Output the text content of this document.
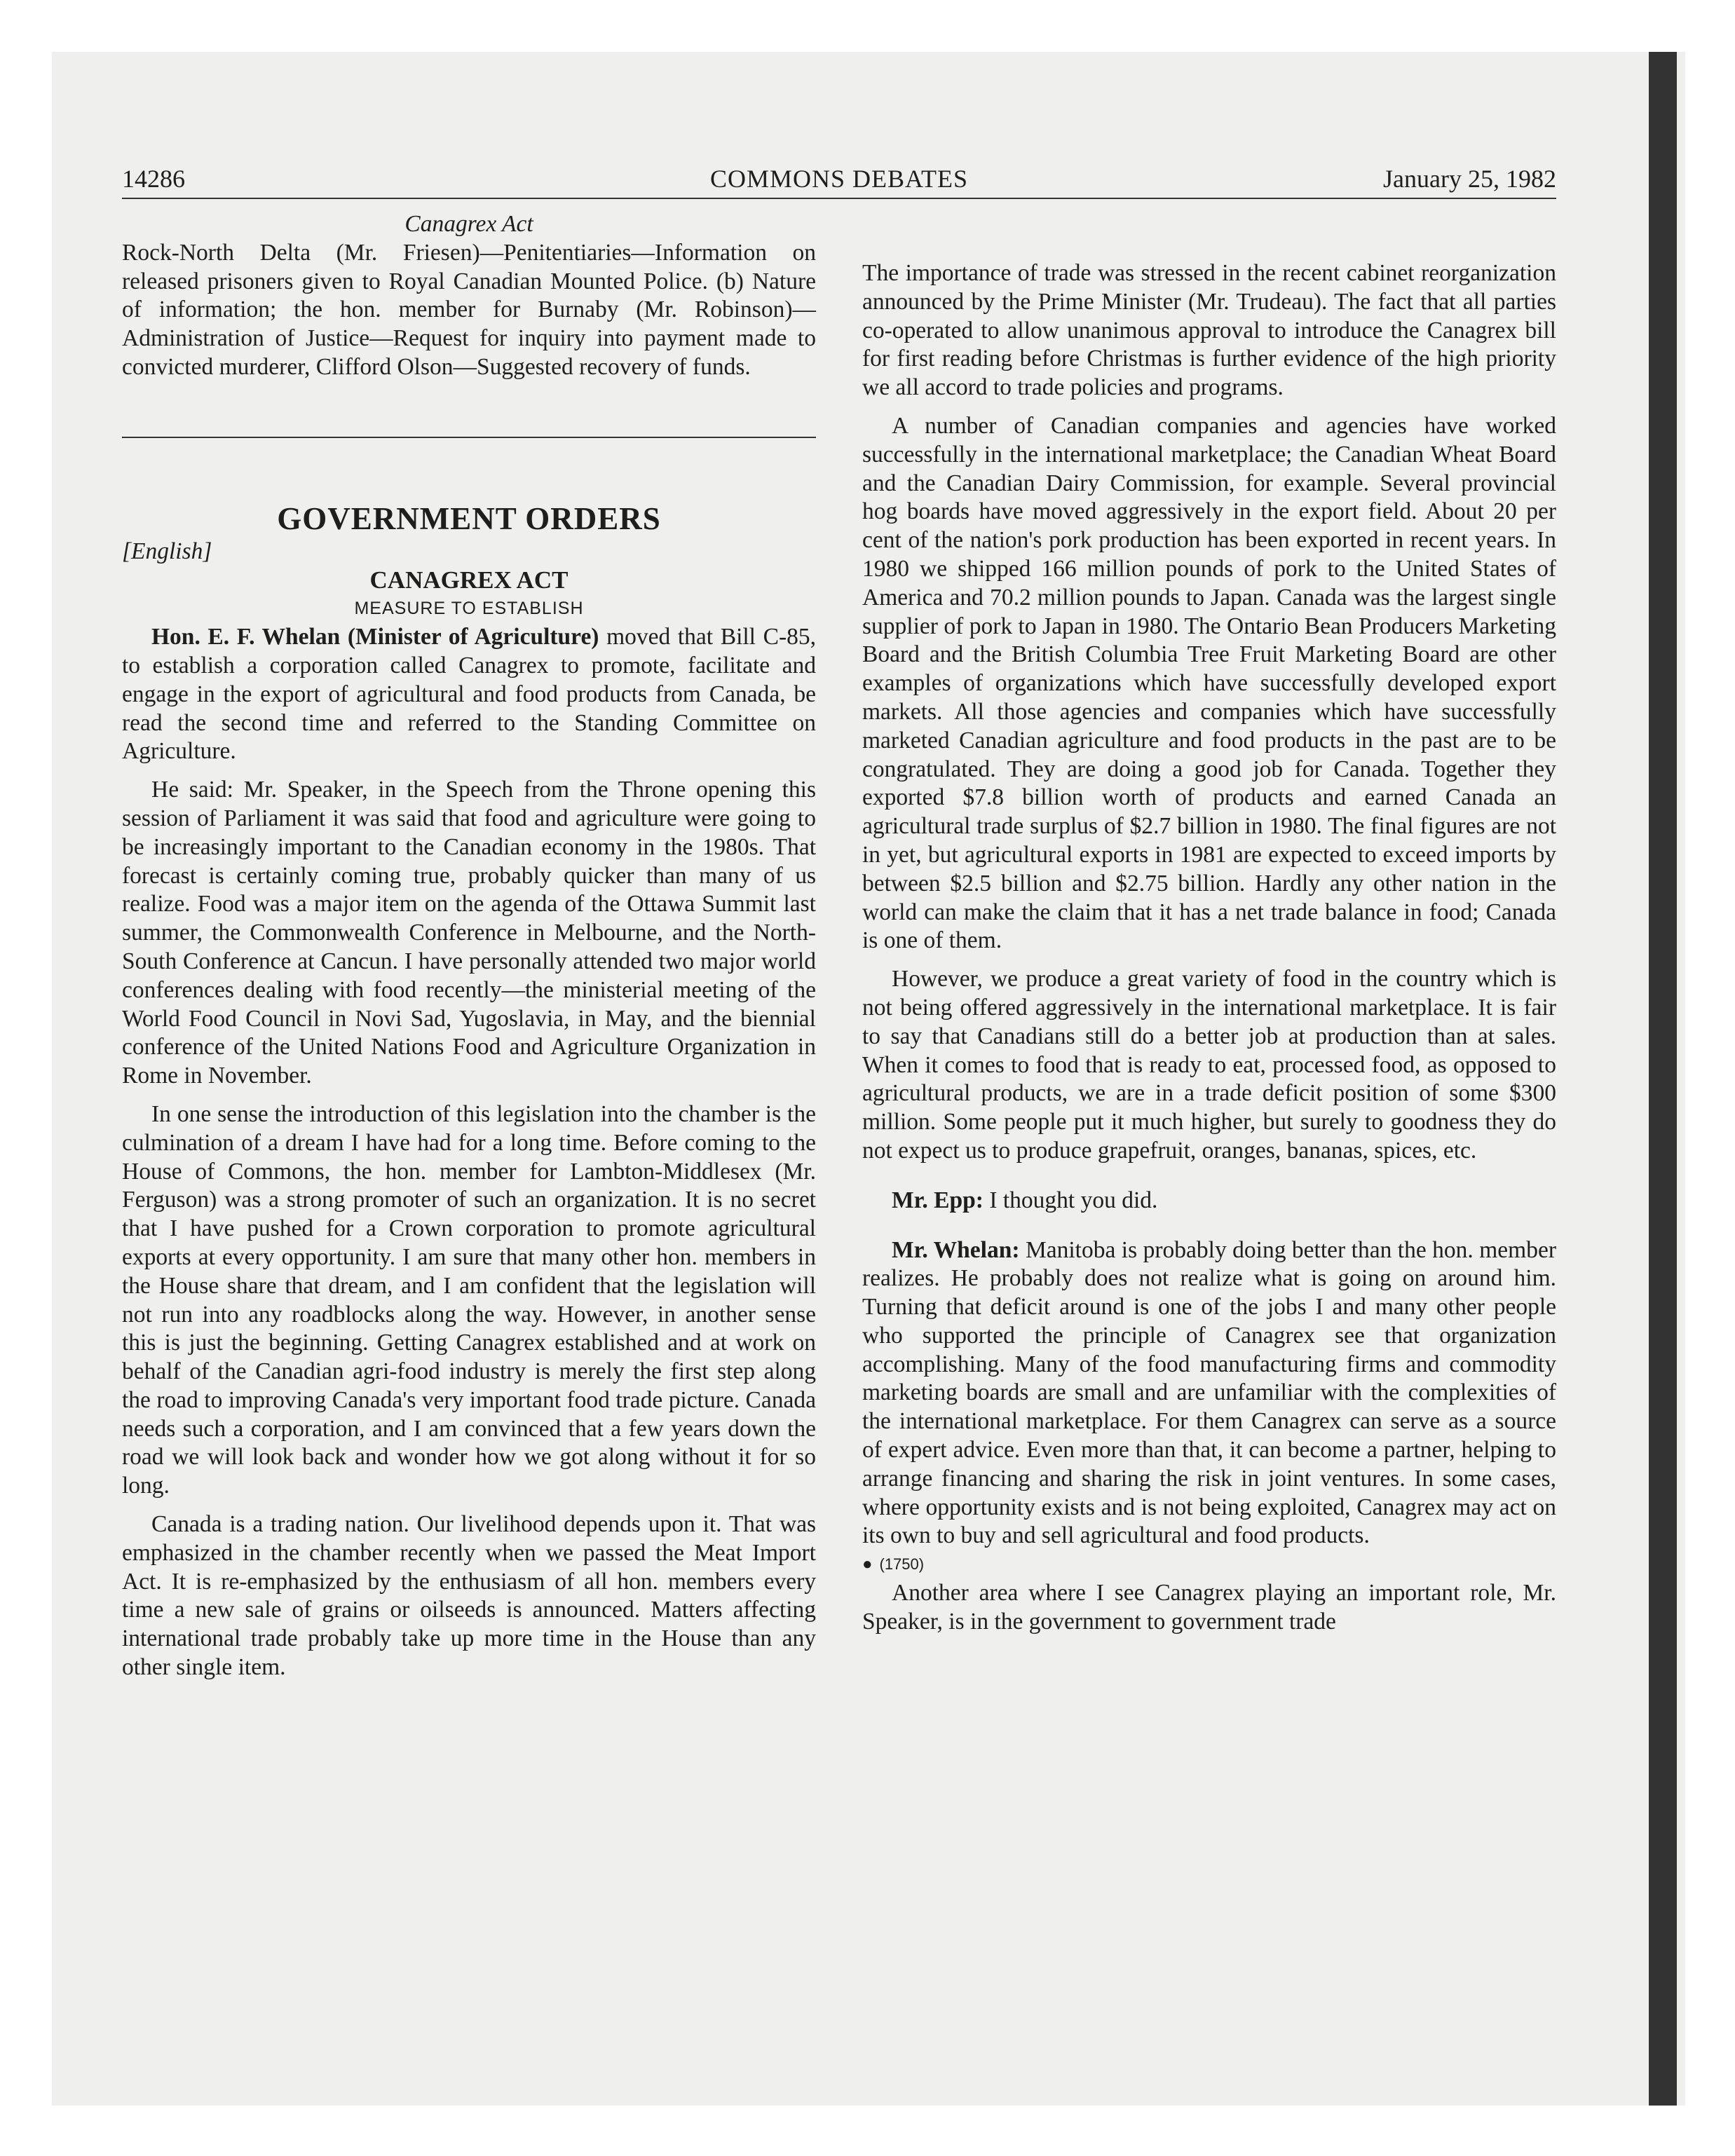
14286	COMMONS DEBATES	January 25, 1982

Canagrex Act

Rock-North Delta (Mr. Friesen)—Penitentiaries—Information on released prisoners given to Royal Canadian Mounted Police. (b) Nature of information; the hon. member for Burnaby (Mr. Robinson)—Administration of Justice—Request for inquiry into payment made to convicted murderer, Clifford Olson—Suggested recovery of funds.

GOVERNMENT ORDERS

[English]

CANAGREX ACT

MEASURE TO ESTABLISH

Hon. E. F. Whelan (Minister of Agriculture) moved that Bill C-85, to establish a corporation called Canagrex to promote, facilitate and engage in the export of agricultural and food products from Canada, be read the second time and referred to the Standing Committee on Agriculture.

He said: Mr. Speaker, in the Speech from the Throne opening this session of Parliament it was said that food and agriculture were going to be increasingly important to the Canadian economy in the 1980s. That forecast is certainly coming true, probably quicker than many of us realize. Food was a major item on the agenda of the Ottawa Summit last summer, the Commonwealth Conference in Melbourne, and the North-South Conference at Cancun. I have personally attended two major world conferences dealing with food recently—the ministerial meeting of the World Food Council in Novi Sad, Yugoslavia, in May, and the biennial conference of the United Nations Food and Agriculture Organization in Rome in November.

In one sense the introduction of this legislation into the chamber is the culmination of a dream I have had for a long time. Before coming to the House of Commons, the hon. member for Lambton-Middlesex (Mr. Ferguson) was a strong promoter of such an organization. It is no secret that I have pushed for a Crown corporation to promote agricultural exports at every opportunity. I am sure that many other hon. members in the House share that dream, and I am confident that the legislation will not run into any roadblocks along the way. However, in another sense this is just the beginning. Getting Canagrex established and at work on behalf of the Canadian agri-food industry is merely the first step along the road to improving Canada's very important food trade picture. Canada needs such a corporation, and I am convinced that a few years down the road we will look back and wonder how we got along without it for so long.

Canada is a trading nation. Our livelihood depends upon it. That was emphasized in the chamber recently when we passed the Meat Import Act. It is re-emphasized by the enthusiasm of all hon. members every time a new sale of grains or oilseeds is announced. Matters affecting international trade probably take up more time in the House than any other single item.

The importance of trade was stressed in the recent cabinet reorganization announced by the Prime Minister (Mr. Trudeau). The fact that all parties co-operated to allow unanimous approval to introduce the Canagrex bill for first reading before Christmas is further evidence of the high priority we all accord to trade policies and programs.

A number of Canadian companies and agencies have worked successfully in the international marketplace; the Canadian Wheat Board and the Canadian Dairy Commission, for example. Several provincial hog boards have moved aggressively in the export field. About 20 per cent of the nation's pork production has been exported in recent years. In 1980 we shipped 166 million pounds of pork to the United States of America and 70.2 million pounds to Japan. Canada was the largest single supplier of pork to Japan in 1980. The Ontario Bean Producers Marketing Board and the British Columbia Tree Fruit Marketing Board are other examples of organizations which have successfully developed export markets. All those agencies and companies which have successfully marketed Canadian agriculture and food products in the past are to be congratulated. They are doing a good job for Canada. Together they exported $7.8 billion worth of products and earned Canada an agricultural trade surplus of $2.7 billion in 1980. The final figures are not in yet, but agricultural exports in 1981 are expected to exceed imports by between $2.5 billion and $2.75 billion. Hardly any other nation in the world can make the claim that it has a net trade balance in food; Canada is one of them.

However, we produce a great variety of food in the country which is not being offered aggressively in the international marketplace. It is fair to say that Canadians still do a better job at production than at sales. When it comes to food that is ready to eat, processed food, as opposed to agricultural products, we are in a trade deficit position of some $300 million. Some people put it much higher, but surely to goodness they do not expect us to produce grapefruit, oranges, bananas, spices, etc.

Mr. Epp: I thought you did.

Mr. Whelan: Manitoba is probably doing better than the hon. member realizes. He probably does not realize what is going on around him. Turning that deficit around is one of the jobs I and many other people who supported the principle of Canagrex see that organization accomplishing. Many of the food manufacturing firms and commodity marketing boards are small and are unfamiliar with the complexities of the international marketplace. For them Canagrex can serve as a source of expert advice. Even more than that, it can become a partner, helping to arrange financing and sharing the risk in joint ventures. In some cases, where opportunity exists and is not being exploited, Canagrex may act on its own to buy and sell agricultural and food products.

● (1750)

Another area where I see Canagrex playing an important role, Mr. Speaker, is in the government to government trade
